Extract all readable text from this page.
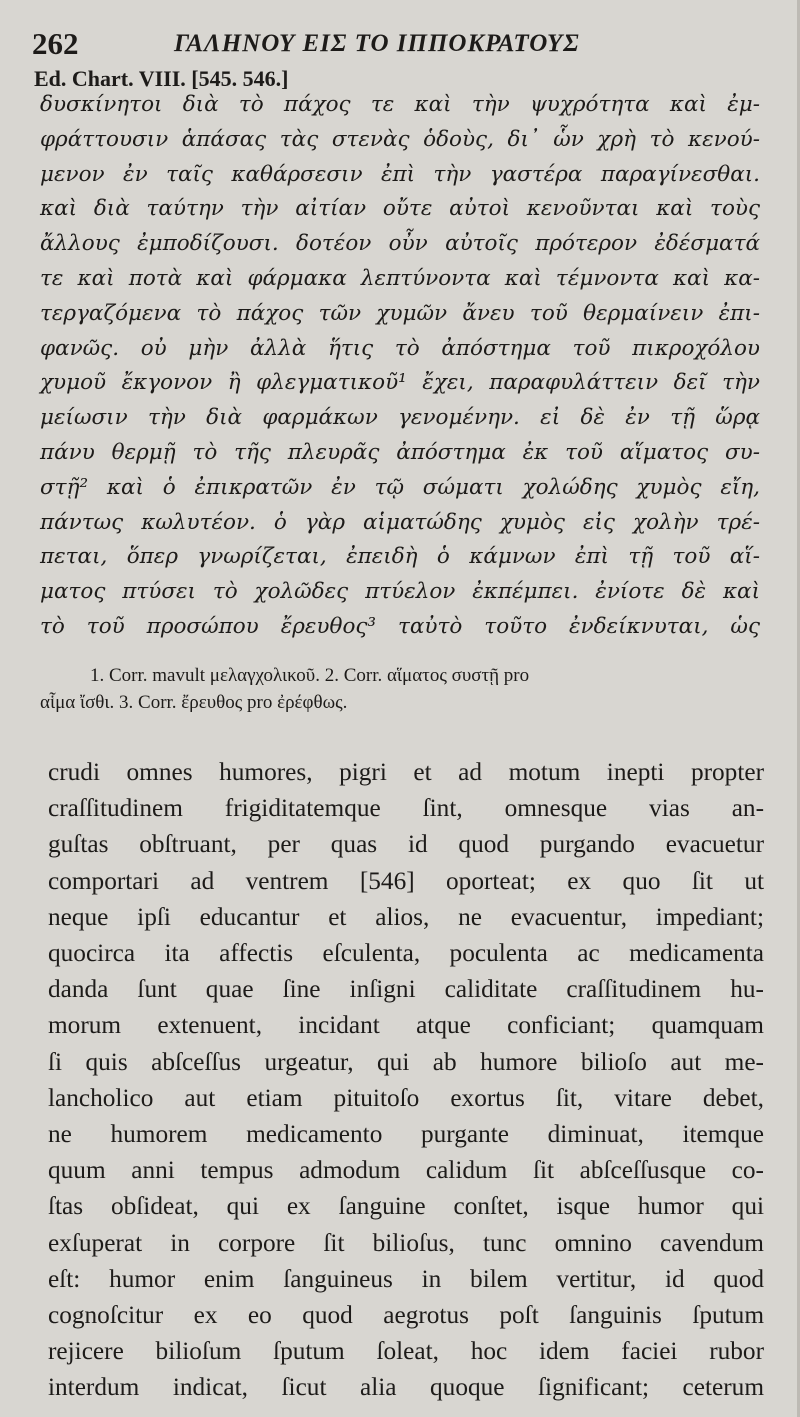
262	ΓΑΛΗΝΟΥ ΕΙΣ ΤΟ ΙΠΠΟΚΡΑΤΟΥΣ
Ed. Chart. VIII. [545. 546.]
δυσκίνητοι διὰ τὸ πάχος τε καὶ τὴν ψυχρότητα καὶ ἐμ-
φράττουσιν ἁπάσας τὰς στενὰς ὁδοὺς, δι᾽ ὧν χρὴ τὸ κενού-
μενον ἐν ταῖς καθάρσεσιν ἐπὶ τὴν γαστέρα παραγίνεσθαι.
καὶ διὰ ταύτην τὴν αἰτίαν οὔτε αὐτοὶ κενοῦνται καὶ τοὺς
ἄλλους ἐμποδίζουσι. δοτέον οὖν αὐτοῖς πρότερον ἐδέσματά
τε καὶ ποτὰ καὶ φάρμακα λεπτύνοντα καὶ τέμνοντα καὶ κα-
τεργαζόμενα τὸ πάχος τῶν χυμῶν ἄνευ τοῦ θερμαίνειν ἐπι-
φανῶς. οὐ μὴν ἀλλὰ ἥτις τὸ ἀπόστημα τοῦ πικροχόλου
χυμοῦ ἔκγονον ἢ φλεγματικοῦ¹ ἔχει, παραφυλάττειν δεῖ τὴν
μείωσιν τὴν διὰ φαρμάκων γενομένην. εἰ δὲ ἐν τῇ ὥρᾳ
πάνυ θερμῇ τὸ τῆς πλευρᾶς ἀπόστημα ἐκ τοῦ αἵματος συ-
στῇ² καὶ ὁ ἐπικρατῶν ἐν τῷ σώματι χολώδης χυμὸς εἴη,
πάντως κωλυτέον. ὁ γὰρ αἱματώδης χυμὸς εἰς χολὴν τρέ-
πεται, ὅπερ γνωρίζεται, ἐπειδὴ ὁ κάμνων ἐπὶ τῇ τοῦ αἵ-
ματος πτύσει τὸ χολῶδες πτύελον ἐκπέμπει. ἐνίοτε δὲ καὶ
τὸ τοῦ προσώπου ἔρευθος³ ταὐτὸ τοῦτο ἐνδείκνυται, ὡς
1. Corr. mavult μελαγχολικοῦ. 2. Corr. αἵματος συστῇ pro
αἷμα ἴσθι. 3. Corr. ἔρευθος pro ἐρέφθως.
crudi omnes humores, pigri et ad motum inepti propter
craſſitudinem frigiditatemque ſint, omnesque vias an-
guſtas obſtruant, per quas id quod purgando evacuetur
comportari ad ventrem [546] oporteat; ex quo ſit ut
neque ipſi educantur et alios, ne evacuentur, impediant;
quocirca ita affectis eſculenta, poculenta ac medicamenta
danda ſunt quae ſine inſigni caliditate craſſitudinem hu-
morum extenuent, incidant atque conficiant; quamquam
ſi quis abſceſſus urgeatur, qui ab humore bilioſo aut me-
lancholico aut etiam pituitoſo exortus ſit, vitare debet,
ne humorem medicamento purgante diminuat, itemque
quum anni tempus admodum calidum ſit abſceſſusque co-
ſtas obſideat, qui ex ſanguine conſtet, isque humor qui
exſuperat in corpore ſit bilioſus, tunc omnino cavendum
eſt: humor enim ſanguineus in bilem vertitur, id quod
cognoſcitur ex eo quod aegrotus poſt ſanguinis ſputum
rejicere bilioſum ſputum ſoleat, hoc idem faciei rubor
interdum indicat, ſicut alia quoque ſignificant; ceterum
